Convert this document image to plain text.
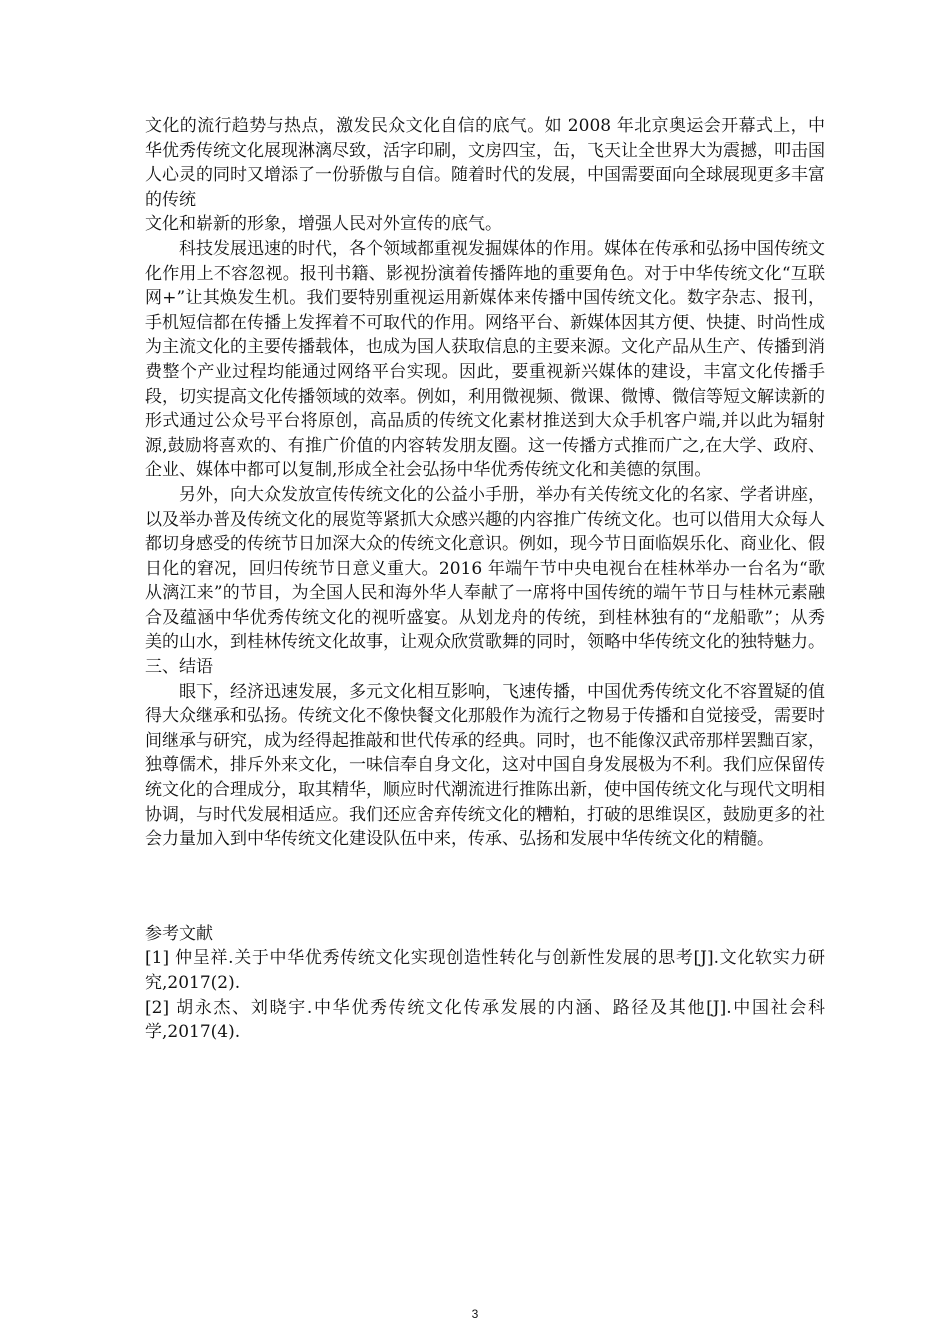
文化的流行趋势与热点，激发民众文化自信的底气。如 2008 年北京奥运会开幕式上，中华优秀传统文化展现淋漓尽致，活字印刷，文房四宝，缶，飞天让全世界大为震撼，叩击国人心灵的同时又增添了一份骄傲与自信。随着时代的发展，中国需要面向全球展现更多丰富的传统

文化和崭新的形象，增强人民对外宣传的底气。

科技发展迅速的时代，各个领域都重视发掘媒体的作用。媒体在传承和弘扬中国传统文化作用上不容忽视。报刊书籍、影视扮演着传播阵地的重要角色。对于中华传统文化“互联网+”让其焕发生机。我们要特别重视运用新媒体来传播中国传统文化。数字杂志、报刊，手机短信都在传播上发挥着不可取代的作用。网络平台、新媒体因其方便、快捷、时尚性成为主流文化的主要传播载体，也成为国人获取信息的主要来源。文化产品从生产、传播到消费整个产业过程均能通过网络平台实现。因此，要重视新兴媒体的建设，丰富文化传播手段，切实提高文化传播领域的效率。例如，利用微视频、微课、微博、微信等短文解读新的形式通过公众号平台将原创，高品质的传统文化素材推送到大众手机客户端,并以此为辐射源,鼓励将喜欢的、有推广价值的内容转发朋友圈。这一传播方式推而广之,在大学、政府、企业、媒体中都可以复制,形成全社会弘扬中华优秀传统文化和美德的氛围。

另外，向大众发放宣传传统文化的公益小手册，举办有关传统文化的名家、学者讲座，以及举办普及传统文化的展览等紧抓大众感兴趣的内容推广传统文化。也可以借用大众每人都切身感受的传统节日加深大众的传统文化意识。例如，现今节日面临娱乐化、商业化、假日化的窘况，回归传统节日意义重大。2016 年端午节中央电视台在桂林举办一台名为“歌从漓江来”的节目，为全国人民和海外华人奉献了一席将中国传统的端午节日与桂林元素融合及蕴涵中华优秀传统文化的视听盛宴。从划龙舟的传统，到桂林独有的“龙船歌”；从秀美的山水，到桂林传统文化故事，让观众欣赏歌舞的同时，领略中华传统文化的独特魅力。

三、结语

眼下，经济迅速发展，多元文化相互影响，飞速传播，中国优秀传统文化不容置疑的值得大众继承和弘扬。传统文化不像快餐文化那般作为流行之物易于传播和自觉接受，需要时间继承与研究，成为经得起推敲和世代传承的经典。同时，也不能像汉武帝那样罢黜百家，独尊儒术，排斥外来文化，一味信奉自身文化，这对中国自身发展极为不利。我们应保留传统文化的合理成分，取其精华，顺应时代潮流进行推陈出新，使中国传统文化与现代文明相协调，与时代发展相适应。我们还应舍弃传统文化的糟粕，打破的思维误区，鼓励更多的社会力量加入到中华传统文化建设队伍中来，传承、弘扬和发展中华传统文化的精髓。

参考文献

[1] 仲呈祥.关于中华优秀传统文化实现创造性转化与创新性发展的思考[J].文化软实力研究,2017(2).

[2] 胡永杰、刘晓宇.中华优秀传统文化传承发展的内涵、路径及其他[J].中国社会科学,2017(4).

3
